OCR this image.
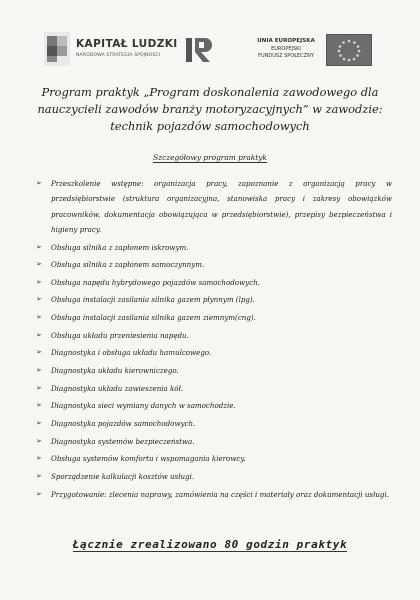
KAPITAŁ LUDZKI
NARODOWA STRATEGIA SPÓJNOŚCI
UNIA EUROPEJSKA
EUROPEJSKI
FUNDUSZ SPOŁECZNY
Program praktyk „Program doskonalenia zawodowego dla nauczycieli zawodów branży motoryzacyjnych” w zawodzie: technik pojazdów samochodowych
Szczegółowy program praktyk
➢ Przeszkolenie wstępne: organizacja pracy, zapoznanie z organizacją pracy w przedsiębiorstwie (struktura organizacyjna, stanowiska pracy i zakresy obowiązków pracowników, dokumentacja obowiązująca w przedsiębiorstwie), przepisy bezpieczeństwa i higieny pracy.
➢ Obsługa silnika z zapłonem iskrowym.
➢ Obsługa silnika z zapłonem samoczynnym.
➢ Obsługa napędu hybrydowego pojazdów samochodowych.
➢ Obsługa instalacji zasilania silnika gazem płynnym (lpg).
➢ Obsługa instalacji zasilania silnika gazem ziemnym(cng).
➢ Obsługa układu przeniesienia napędu.
➢ Diagnostyka i obsługa układu hamulcowego.
➢ Diagnostyka układu kierowniczego.
➢ Diagnostyka układu zawieszenia kół.
➢ Diagnostyka sieci wymiany danych w samochodzie.
➢ Diagnostyka pojazdów samochodowych.
➢ Diagnostyka systemów bezpieczeństwa.
➢ Obsługa systemów komfortu i wspomagania kierowcy.
➢ Sporządzenie kalkulacji kosztów usługi.
➢ Przygotowanie: zlecenia naprawy, zamówienia na części i materiały oraz dokumentacji usługi.
Łącznie zrealizowano 80 godzin praktyk
